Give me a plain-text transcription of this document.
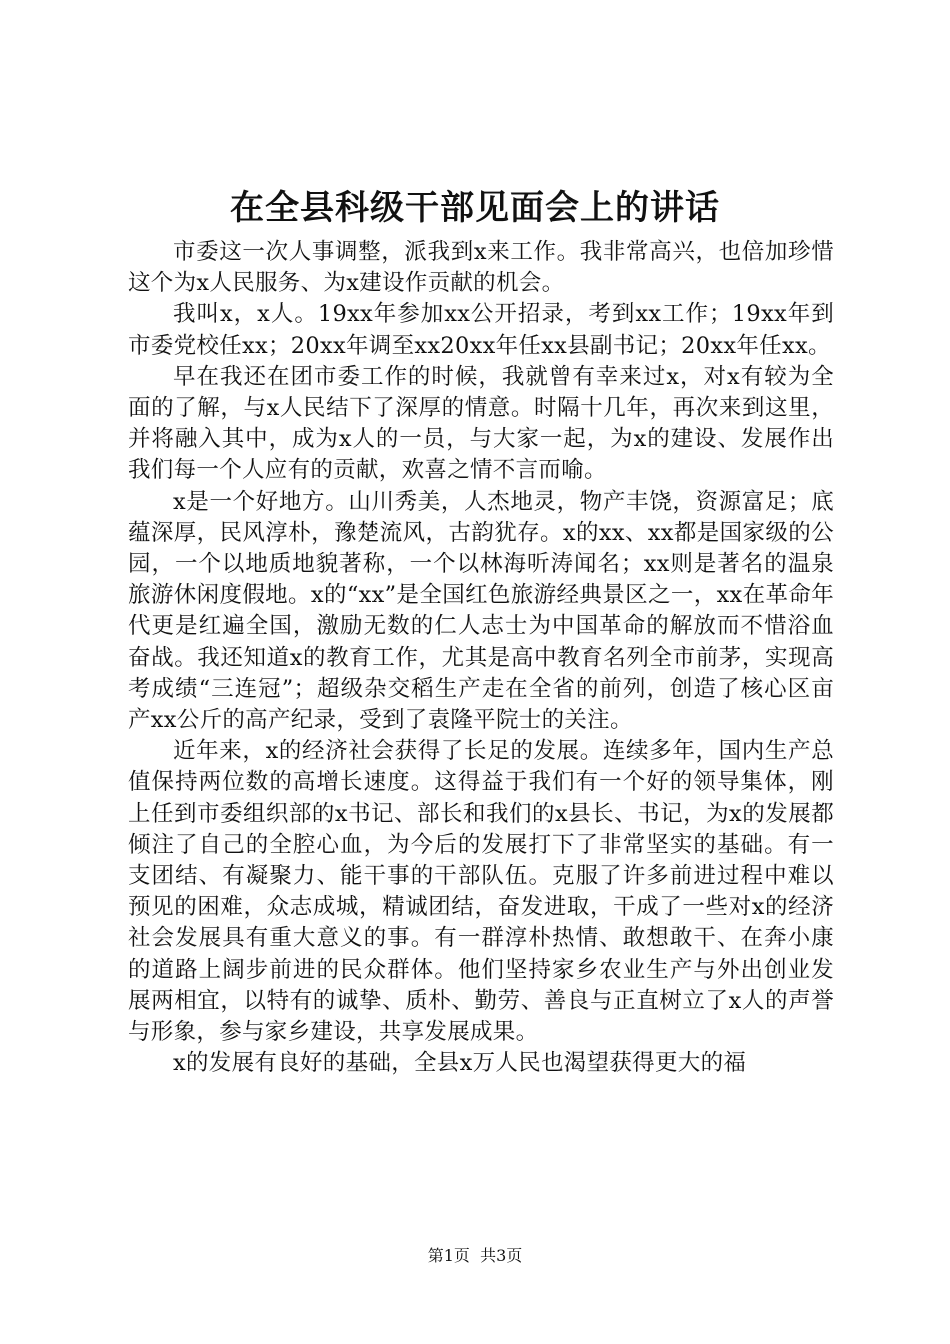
在全县科级干部见面会上的讲话

市委这一次人事调整，派我到x来工作。我非常高兴，也倍加珍惜这个为x人民服务、为x建设作贡献的机会。

我叫x，x人。19xx年参加xx公开招录，考到xx工作；19xx年到市委党校任xx；20xx年调至xx20xx年任xx县副书记；20xx年任xx。

早在我还在团市委工作的时候，我就曾有幸来过x，对x有较为全面的了解，与x人民结下了深厚的情意。时隔十几年，再次来到这里，并将融入其中，成为x人的一员，与大家一起，为x的建设、发展作出我们每一个人应有的贡献，欢喜之情不言而喻。

x是一个好地方。山川秀美，人杰地灵，物产丰饶，资源富足；底蕴深厚，民风淳朴，豫楚流风，古韵犹存。x的xx、xx都是国家级的公园，一个以地质地貌著称，一个以林海听涛闻名；xx则是著名的温泉旅游休闲度假地。x的“xx”是全国红色旅游经典景区之一，xx在革命年代更是红遍全国，激励无数的仁人志士为中国革命的解放而不惜浴血奋战。我还知道x的教育工作，尤其是高中教育名列全市前茅，实现高考成绩“三连冠”；超级杂交稻生产走在全省的前列，创造了核心区亩产xx公斤的高产纪录，受到了袁隆平院士的关注。

近年来，x的经济社会获得了长足的发展。连续多年，国内生产总值保持两位数的高增长速度。这得益于我们有一个好的领导集体，刚上任到市委组织部的x书记、部长和我们的x县长、书记，为x的发展都倾注了自己的全腔心血，为今后的发展打下了非常坚实的基础。有一支团结、有凝聚力、能干事的干部队伍。克服了许多前进过程中难以预见的困难，众志成城，精诚团结，奋发进取，干成了一些对x的经济社会发展具有重大意义的事。有一群淳朴热情、敢想敢干、在奔小康的道路上阔步前进的民众群体。他们坚持家乡农业生产与外出创业发展两相宜，以特有的诚挚、质朴、勤劳、善良与正直树立了x人的声誉与形象，参与家乡建设，共享发展成果。

x的发展有良好的基础，全县x万人民也渴望获得更大的福

第1页 共3页
